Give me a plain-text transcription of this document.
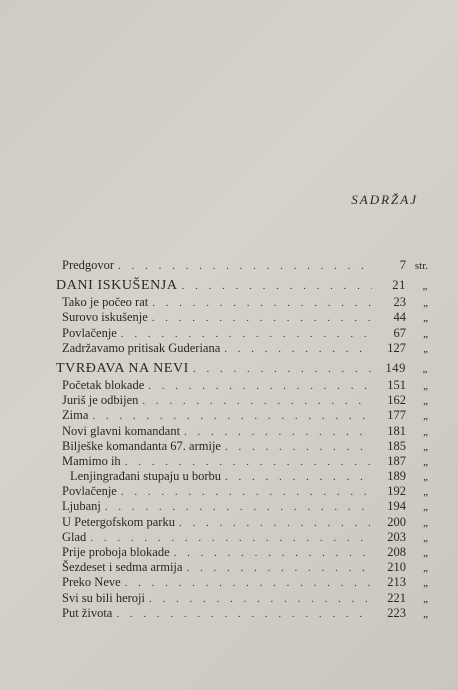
SADRŽAJ
Predgovor . . .	7 str.
DANI ISKUŠENJA . . .	21	„
Tako je počeo rat . . .	23	„
Surovo iskušenje . . .	44	„
Povlačenje . . .	67	„
Zadržavamo pritisak Guderiana . . .	127	„
TVRĐAVA NA NEVI . . .	149	„
Početak blokade . . .	151	„
Juriš je odbijen . . .	162	„
Zima . . .	177	„
Novi glavni komandant . . .	181	„
Bilješke komandanta 67. armije . . .	185	„
Mamimo ih . . .	187	„
Lenjingrađani stupaju u borbu . . .	189	„
Povlačenje . . .	192	„
Ljubanj . . .	194	„
U Petergofskom parku . . .	200	„
Glad . . .	203	„
Prije proboja blokade . . .	208	„
Šezdeset i sedma armija . . .	210	„
Preko Neve . . .	213	„
Svi su bili heroji . . .	221	„
Put života . . .	223	„
